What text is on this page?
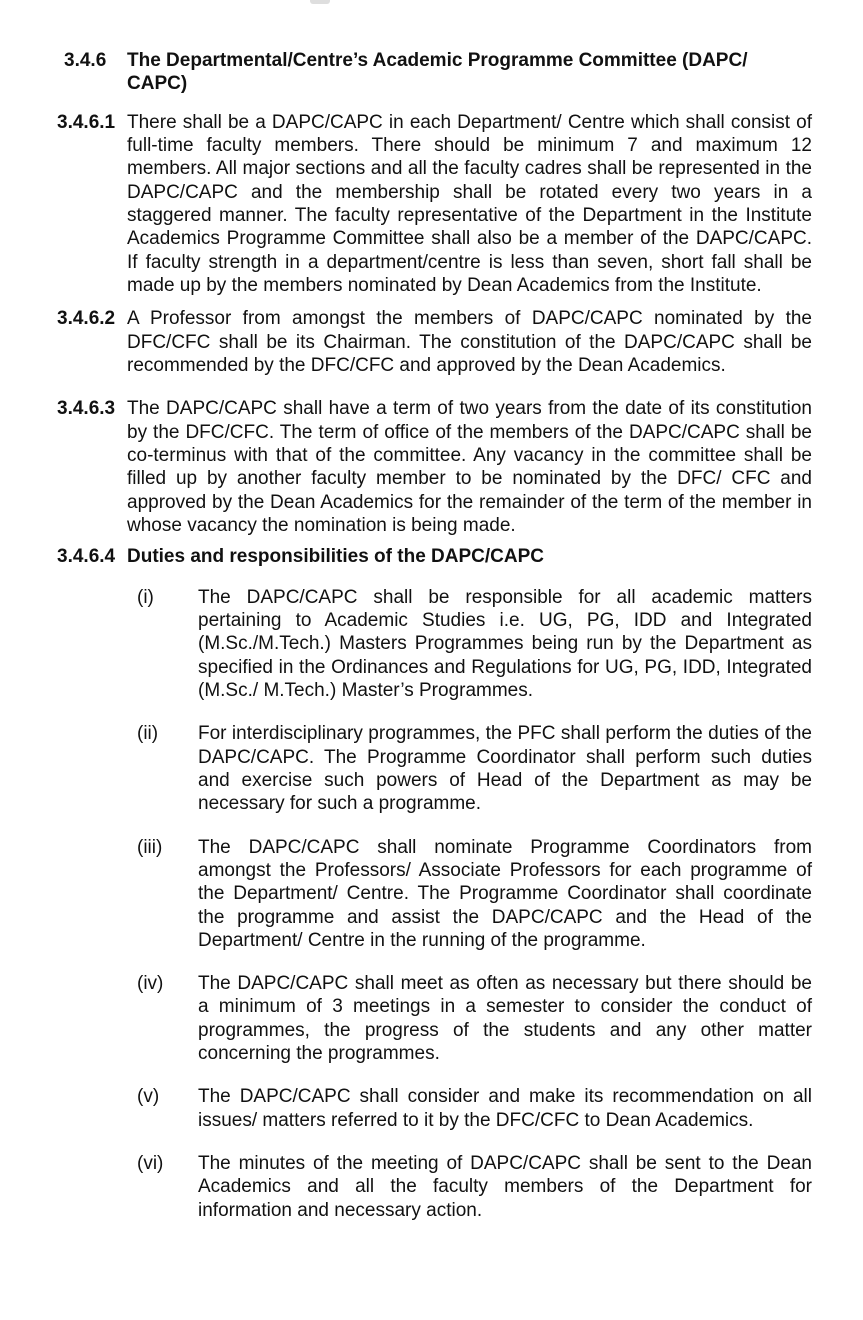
3.4.6	The Departmental/Centre’s Academic Programme Committee (DAPC/
CAPC)
3.4.6.1 There shall be a DAPC/CAPC in each Department/ Centre which shall consist of full-time faculty members. There should be minimum 7 and maximum 12 members. All major sections and all the faculty cadres shall be represented in the DAPC/CAPC and the membership shall be rotated every two years in a staggered manner. The faculty representative of the Department in the Institute Academics Programme Committee shall also be a member of the DAPC/CAPC. If faculty strength in a department/centre is less than seven, short fall shall be made up by the members nominated by Dean Academics from the Institute.
3.4.6.2 A Professor from amongst the members of DAPC/CAPC nominated by the DFC/CFC shall be its Chairman. The constitution of the DAPC/CAPC shall be recommended by the DFC/CFC and approved by the Dean Academics.
3.4.6.3 The DAPC/CAPC shall have a term of two years from the date of its constitution by the DFC/CFC. The term of office of the members of the DAPC/CAPC shall be co-terminus with that of the committee. Any vacancy in the committee shall be filled up by another faculty member to be nominated by the DFC/ CFC and approved by the Dean Academics for the remainder of the term of the member in whose vacancy the nomination is being made.
3.4.6.4 Duties and responsibilities of the DAPC/CAPC
(i)	The DAPC/CAPC shall be responsible for all academic matters pertaining to Academic Studies i.e. UG, PG, IDD and Integrated (M.Sc./M.Tech.) Masters Programmes being run by the Department as specified in the Ordinances and Regulations for UG, PG, IDD, Integrated (M.Sc./ M.Tech.) Master’s Programmes.
(ii)	For interdisciplinary programmes, the PFC shall perform the duties of the DAPC/CAPC. The Programme Coordinator shall perform such duties and exercise such powers of Head of the Department as may be necessary for such a programme.
(iii)	The DAPC/CAPC shall nominate Programme Coordinators from amongst the Professors/ Associate Professors for each programme of the Department/ Centre. The Programme Coordinator shall coordinate the programme and assist the DAPC/CAPC and the Head of the Department/ Centre in the running of the programme.
(iv)	The DAPC/CAPC shall meet as often as necessary but there should be a minimum of 3 meetings in a semester to consider the conduct of programmes, the progress of the students and any other matter concerning the programmes.
(v)	The DAPC/CAPC shall consider and make its recommendation on all issues/ matters referred to it by the DFC/CFC to Dean Academics.
(vi)	The minutes of the meeting of DAPC/CAPC shall be sent to the Dean Academics and all the faculty members of the Department for information and necessary action.
